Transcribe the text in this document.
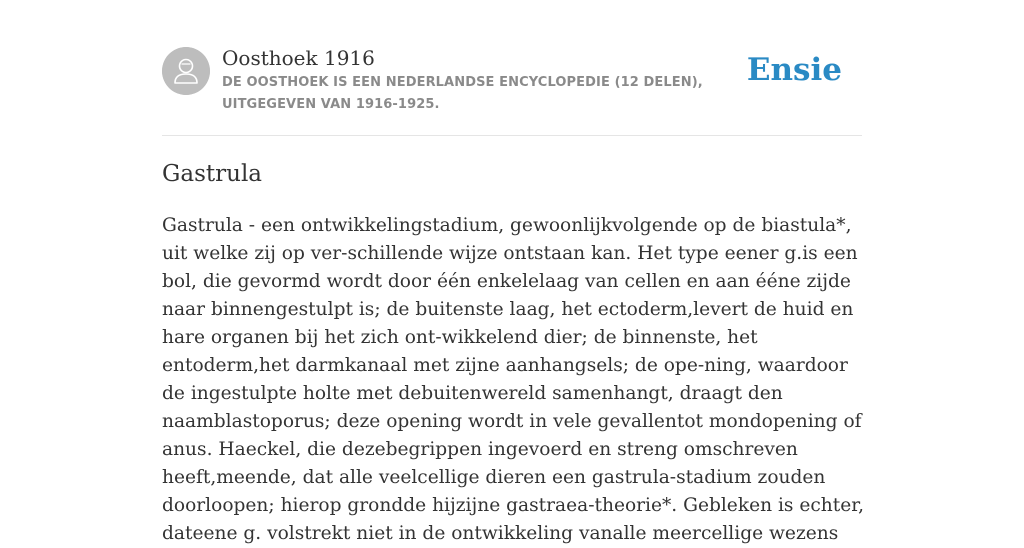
Oosthoek 1916
DE OOSTHOEK IS EEN NEDERLANDSE ENCYCLOPEDIE (12 DELEN), UITGEGEVEN VAN 1916-1925.
Ensie
Gastrula

Gastrula - een ontwikkelingstadium, gewoonlijkvolgende op de biastula*, uit welke zij op ver-schillende wijze ontstaan kan. Het type eener g.is een bol, die gevormd wordt door één enkelelaag van cellen en aan ééne zijde naar binnengestulpt is; de buitenste laag, het ectoderm,levert de huid en hare organen bij het zich ont-wikkelend dier; de binnenste, het entoderm,het darmkanaal met zijne aanhangsels; de ope-ning, waardoor de ingestulpte holte met debuitenwereld samenhangt, draagt den naamblastoporus; deze opening wordt in vele gevallentot mondopening of anus. Haeckel, die dezebegrippen ingevoerd en streng omschreven heeft,meende, dat alle veelcellige dieren een gastrula-stadium zouden doorloopen; hierop grondde hijzijne gastraea-theorie*. Gebleken is echter, dateene g. volstrekt niet in de ontwikkeling vanalle meercellige wezens
